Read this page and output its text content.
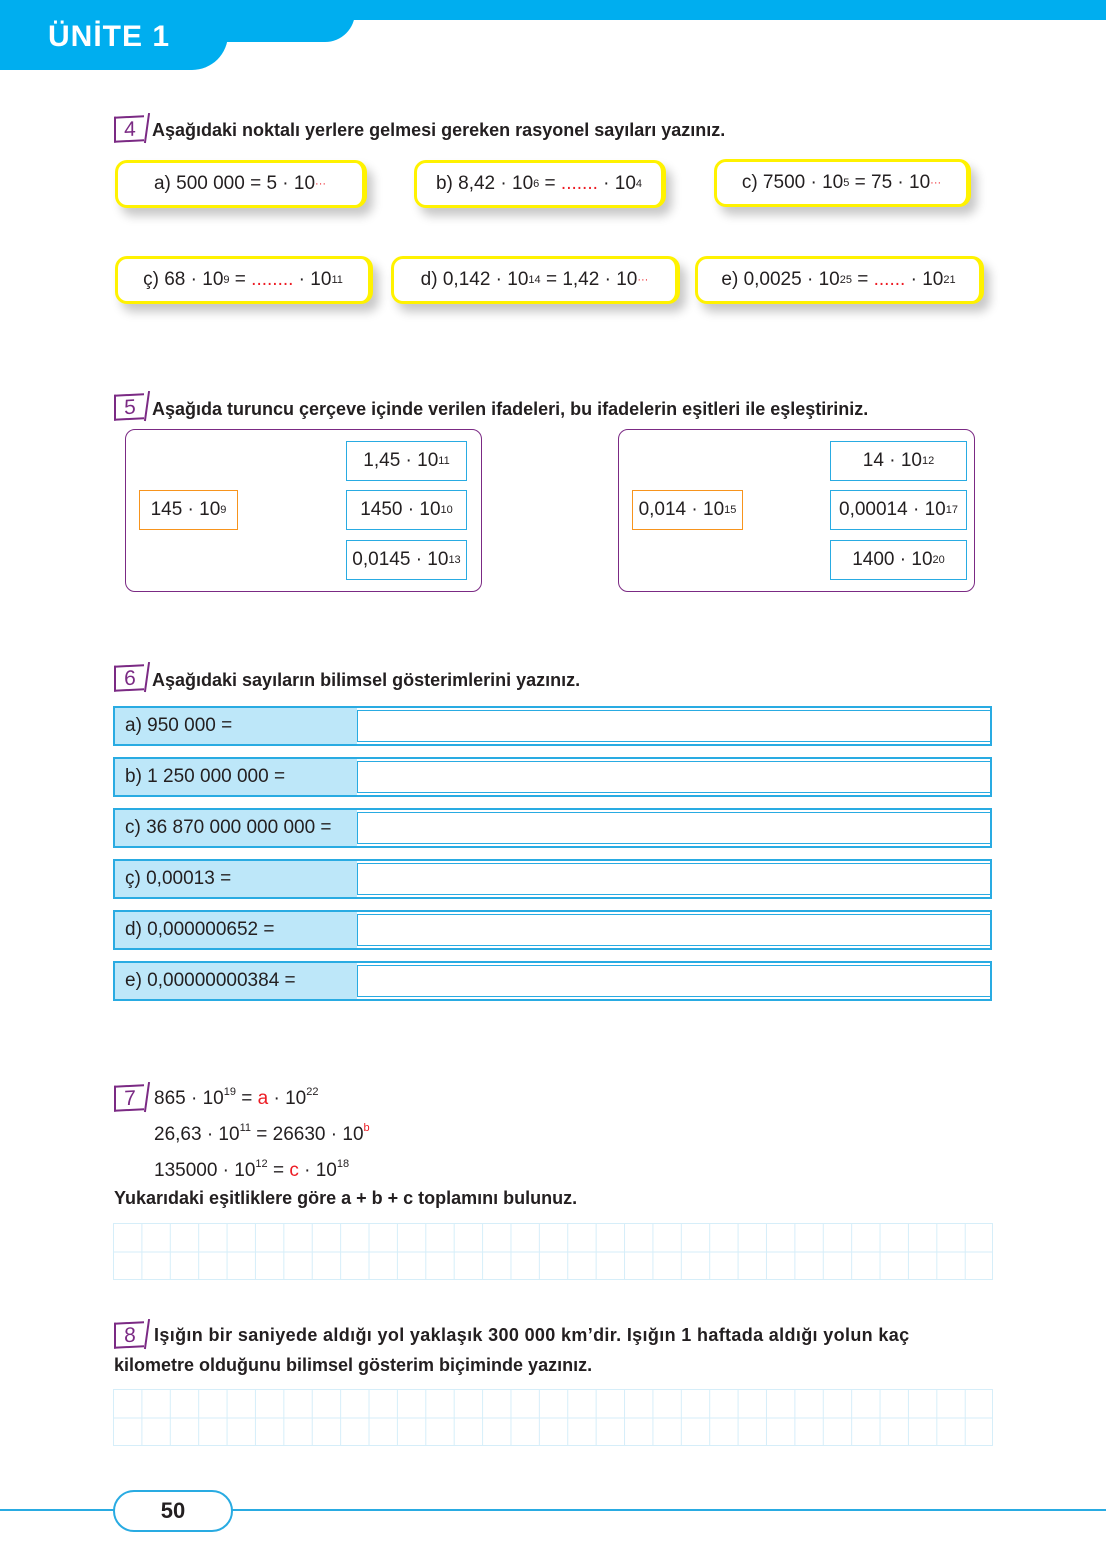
ÜNİTE 1
4 Aşağıdaki noktalı yerlere gelmesi gereken rasyonel sayıları yazınız.
a) 500 000 = 5 · 10 ···	b) 8,42 · 10 6 = ....... · 10 4	c) 7500 · 10 5 = 75 · 10 ···
ç) 68 · 10 9 = ........ · 10 11	d) 0,142 · 10 14 = 1,42 · 10 ···	e) 0,0025 · 10 25 = ...... · 10 21
5 Aşağıda turuncu çerçeve içinde verilen ifadeleri, bu ifadelerin eşitleri ile eşleştiriniz.
145 · 10 9
1,45 · 10 11
1450 · 10 10
0,0145 · 10 13
0,014 · 10 15
14 · 10 12
0,00014 · 10 17
1400 · 10 20
6 Aşağıdaki sayıların bilimsel gösterimlerini yazınız.
a) 950 000 =
b) 1 250 000 000 =
c) 36 870 000 000 000 =
ç) 0,00013 =
d) 0,000000652 =
e) 0,00000000384 =
7 $865 \cdot 10^{19} = a \cdot 10^{22}$
$26,63 \cdot 10^{11} = 26630 \cdot 10^b$
$135000 \cdot 10^{12} = c \cdot 10^{18}$
Yukarıdaki eşitliklere göre a + b + c toplamını bulunuz.
8	Işığın bir saniyede aldığı yol yaklaşık 300 000 km’dir. Işığın 1 haftada aldığı yolun kaç
kilometre olduğunu bilimsel gösterim biçiminde yazınız.
50
